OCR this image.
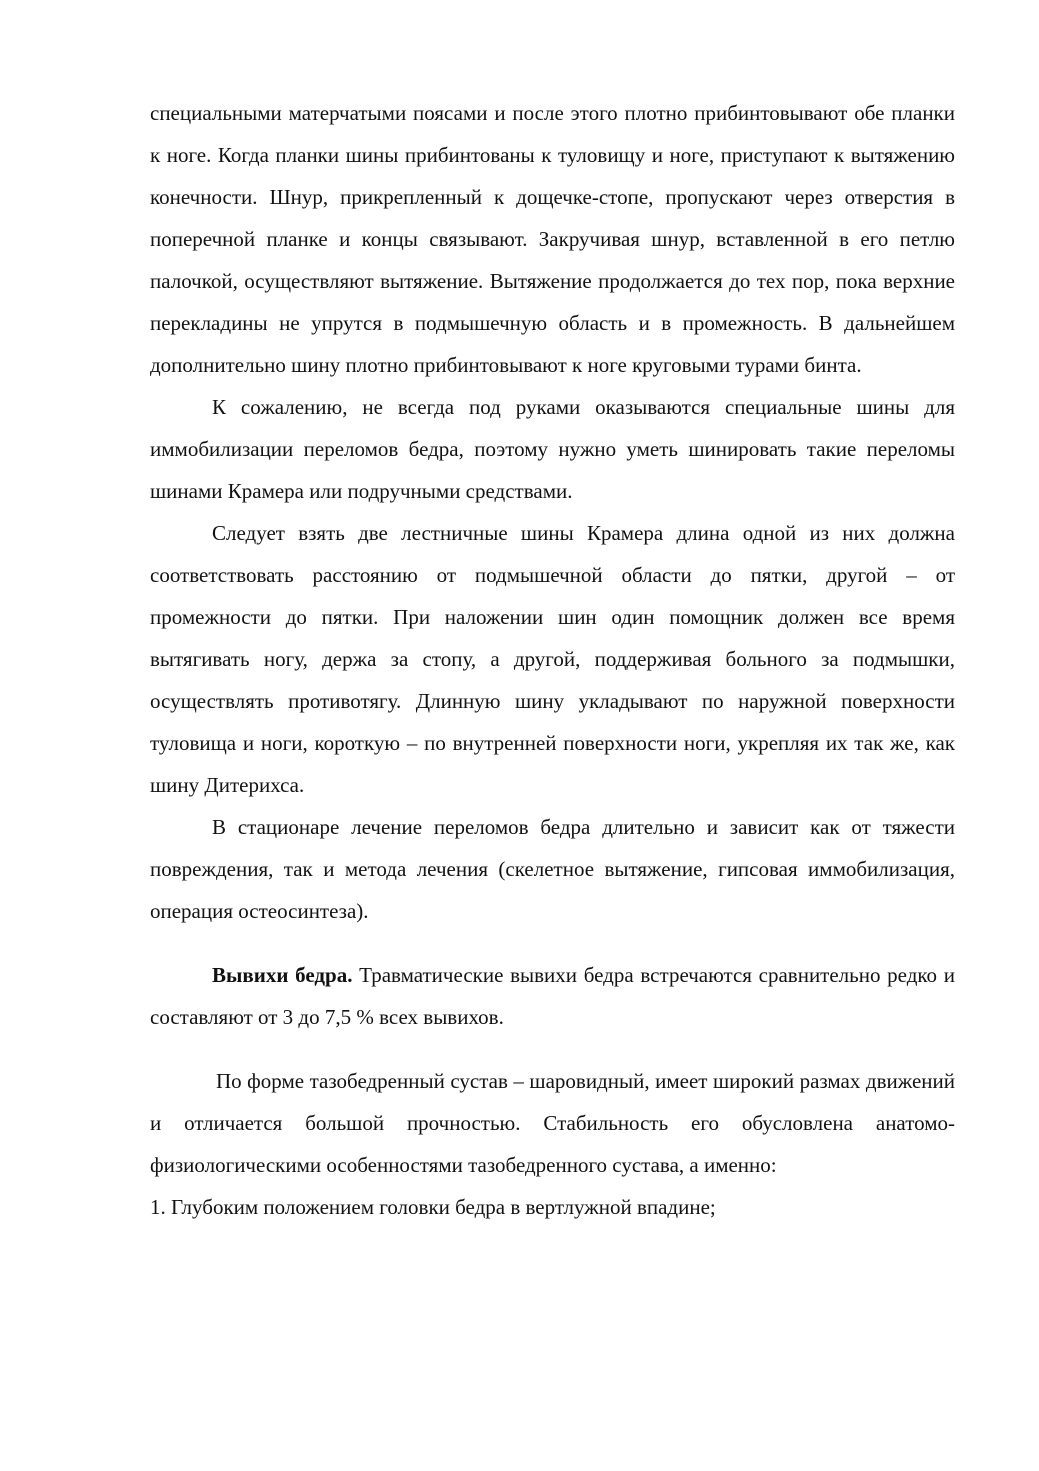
специальными матерчатыми поясами и после этого плотно прибинтовывают обе планки к ноге. Когда планки шины прибинтованы к туловищу и ноге, приступают к вытяжению конечности. Шнур, прикрепленный к дощечке-стопе, пропускают через отверстия в поперечной планке и концы связывают. Закручивая шнур, вставленной в его петлю палочкой, осуществляют вытяжение. Вытяжение продолжается до тех пор, пока верхние перекладины не упрутся в подмышечную область и в промежность. В дальнейшем дополнительно шину плотно прибинтовывают к ноге круговыми турами бинта.

К сожалению, не всегда под руками оказываются специальные шины для иммобилизации переломов бедра, поэтому нужно уметь шинировать такие переломы шинами Крамера или подручными средствами.

Следует взять две лестничные шины Крамера длина одной из них должна соответствовать расстоянию от подмышечной области до пятки, другой – от промежности до пятки. При наложении шин один помощник должен все время вытягивать ногу, держа за стопу, а другой, поддерживая больного за подмышки, осуществлять противотягу. Длинную шину укладывают по наружной поверхности туловища и ноги, короткую – по внутренней поверхности ноги, укрепляя их так же, как шину Дитерихса.

В стационаре лечение переломов бедра длительно и зависит как от тяжести повреждения, так и метода лечения (скелетное вытяжение, гипсовая иммобилизация, операция остеосинтеза).

Вывихи бедра. Травматические вывихи бедра встречаются сравнительно редко и составляют от 3 до 7,5 % всех вывихов.

По форме тазобедренный сустав – шаровидный, имеет широкий размах движений и отличается большой прочностью. Стабильность его обусловлена анатомо-физиологическими особенностями тазобедренного сустава, а именно:

1. Глубоким положением головки бедра в вертлужной впадине;
